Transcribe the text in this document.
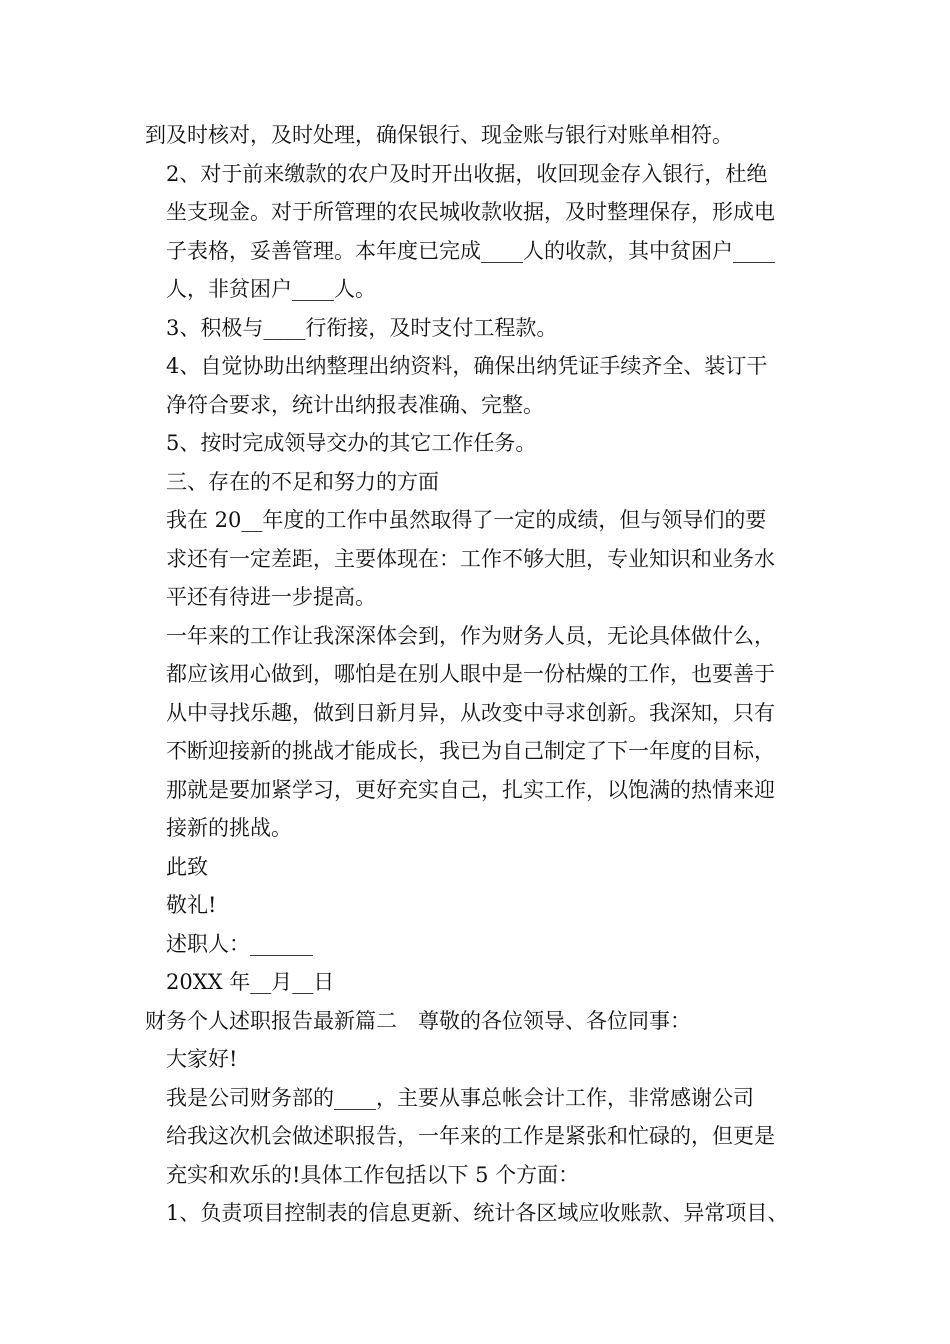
到及时核对，及时处理，确保银行、现金账与银行对账单相符。
2、对于前来缴款的农户及时开出收据，收回现金存入银行，杜绝
坐支现金。对于所管理的农民城收款收据，及时整理保存，形成电
子表格，妥善管理。本年度已完成____人的收款，其中贫困户____
人，非贫困户____人。
3、积极与____行衔接，及时支付工程款。
4、自觉协助出纳整理出纳资料，确保出纳凭证手续齐全、装订干
净符合要求，统计出纳报表准确、完整。
5、按时完成领导交办的其它工作任务。
三、存在的不足和努力的方面
我在 20__年度的工作中虽然取得了一定的成绩，但与领导们的要
求还有一定差距，主要体现在：工作不够大胆，专业知识和业务水
平还有待进一步提高。
一年来的工作让我深深体会到，作为财务人员，无论具体做什么，
都应该用心做到，哪怕是在别人眼中是一份枯燥的工作，也要善于
从中寻找乐趣，做到日新月异，从改变中寻求创新。我深知，只有
不断迎接新的挑战才能成长，我已为自己制定了下一年度的目标，
那就是要加紧学习，更好充实自己，扎实工作，以饱满的热情来迎
接新的挑战。
此致
敬礼!
述职人：______
20XX 年__月__日
财务个人述职报告最新篇二　尊敬的各位领导、各位同事：
大家好!
我是公司财务部的____，主要从事总帐会计工作，非常感谢公司
给我这次机会做述职报告，一年来的工作是紧张和忙碌的，但更是
充实和欢乐的!具体工作包括以下 5 个方面：
1、负责项目控制表的信息更新、统计各区域应收账款、异常项目、
